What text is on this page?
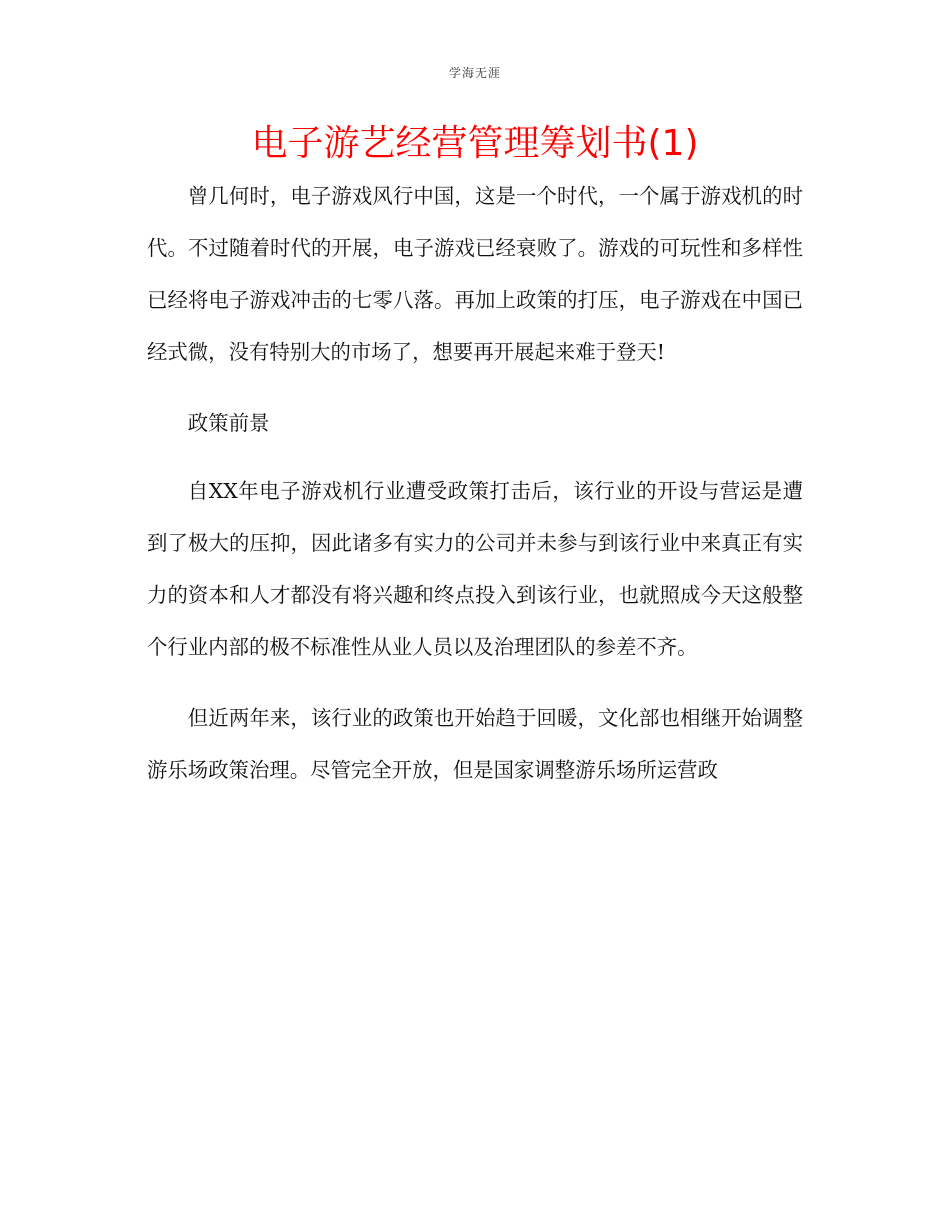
学海无涯
电子游艺经营管理筹划书(1)

曾几何时，电子游戏风行中国，这是一个时代，一个属于游戏机的时代。不过随着时代的开展，电子游戏已经衰败了。游戏的可玩性和多样性已经将电子游戏冲击的七零八落。再加上政策的打压，电子游戏在中国已经式微，没有特别大的市场了，想要再开展起来难于登天!

政策前景

自XX年电子游戏机行业遭受政策打击后，该行业的开设与营运是遭到了极大的压抑，因此诸多有实力的公司并未参与到该行业中来真正有实力的资本和人才都没有将兴趣和终点投入到该行业，也就照成今天这般整个行业内部的极不标准性从业人员以及治理团队的参差不齐。

但近两年来，该行业的政策也开始趋于回暖，文化部也相继开始调整游乐场政策治理。尽管完全开放，但是国家调整游乐场所运营政
